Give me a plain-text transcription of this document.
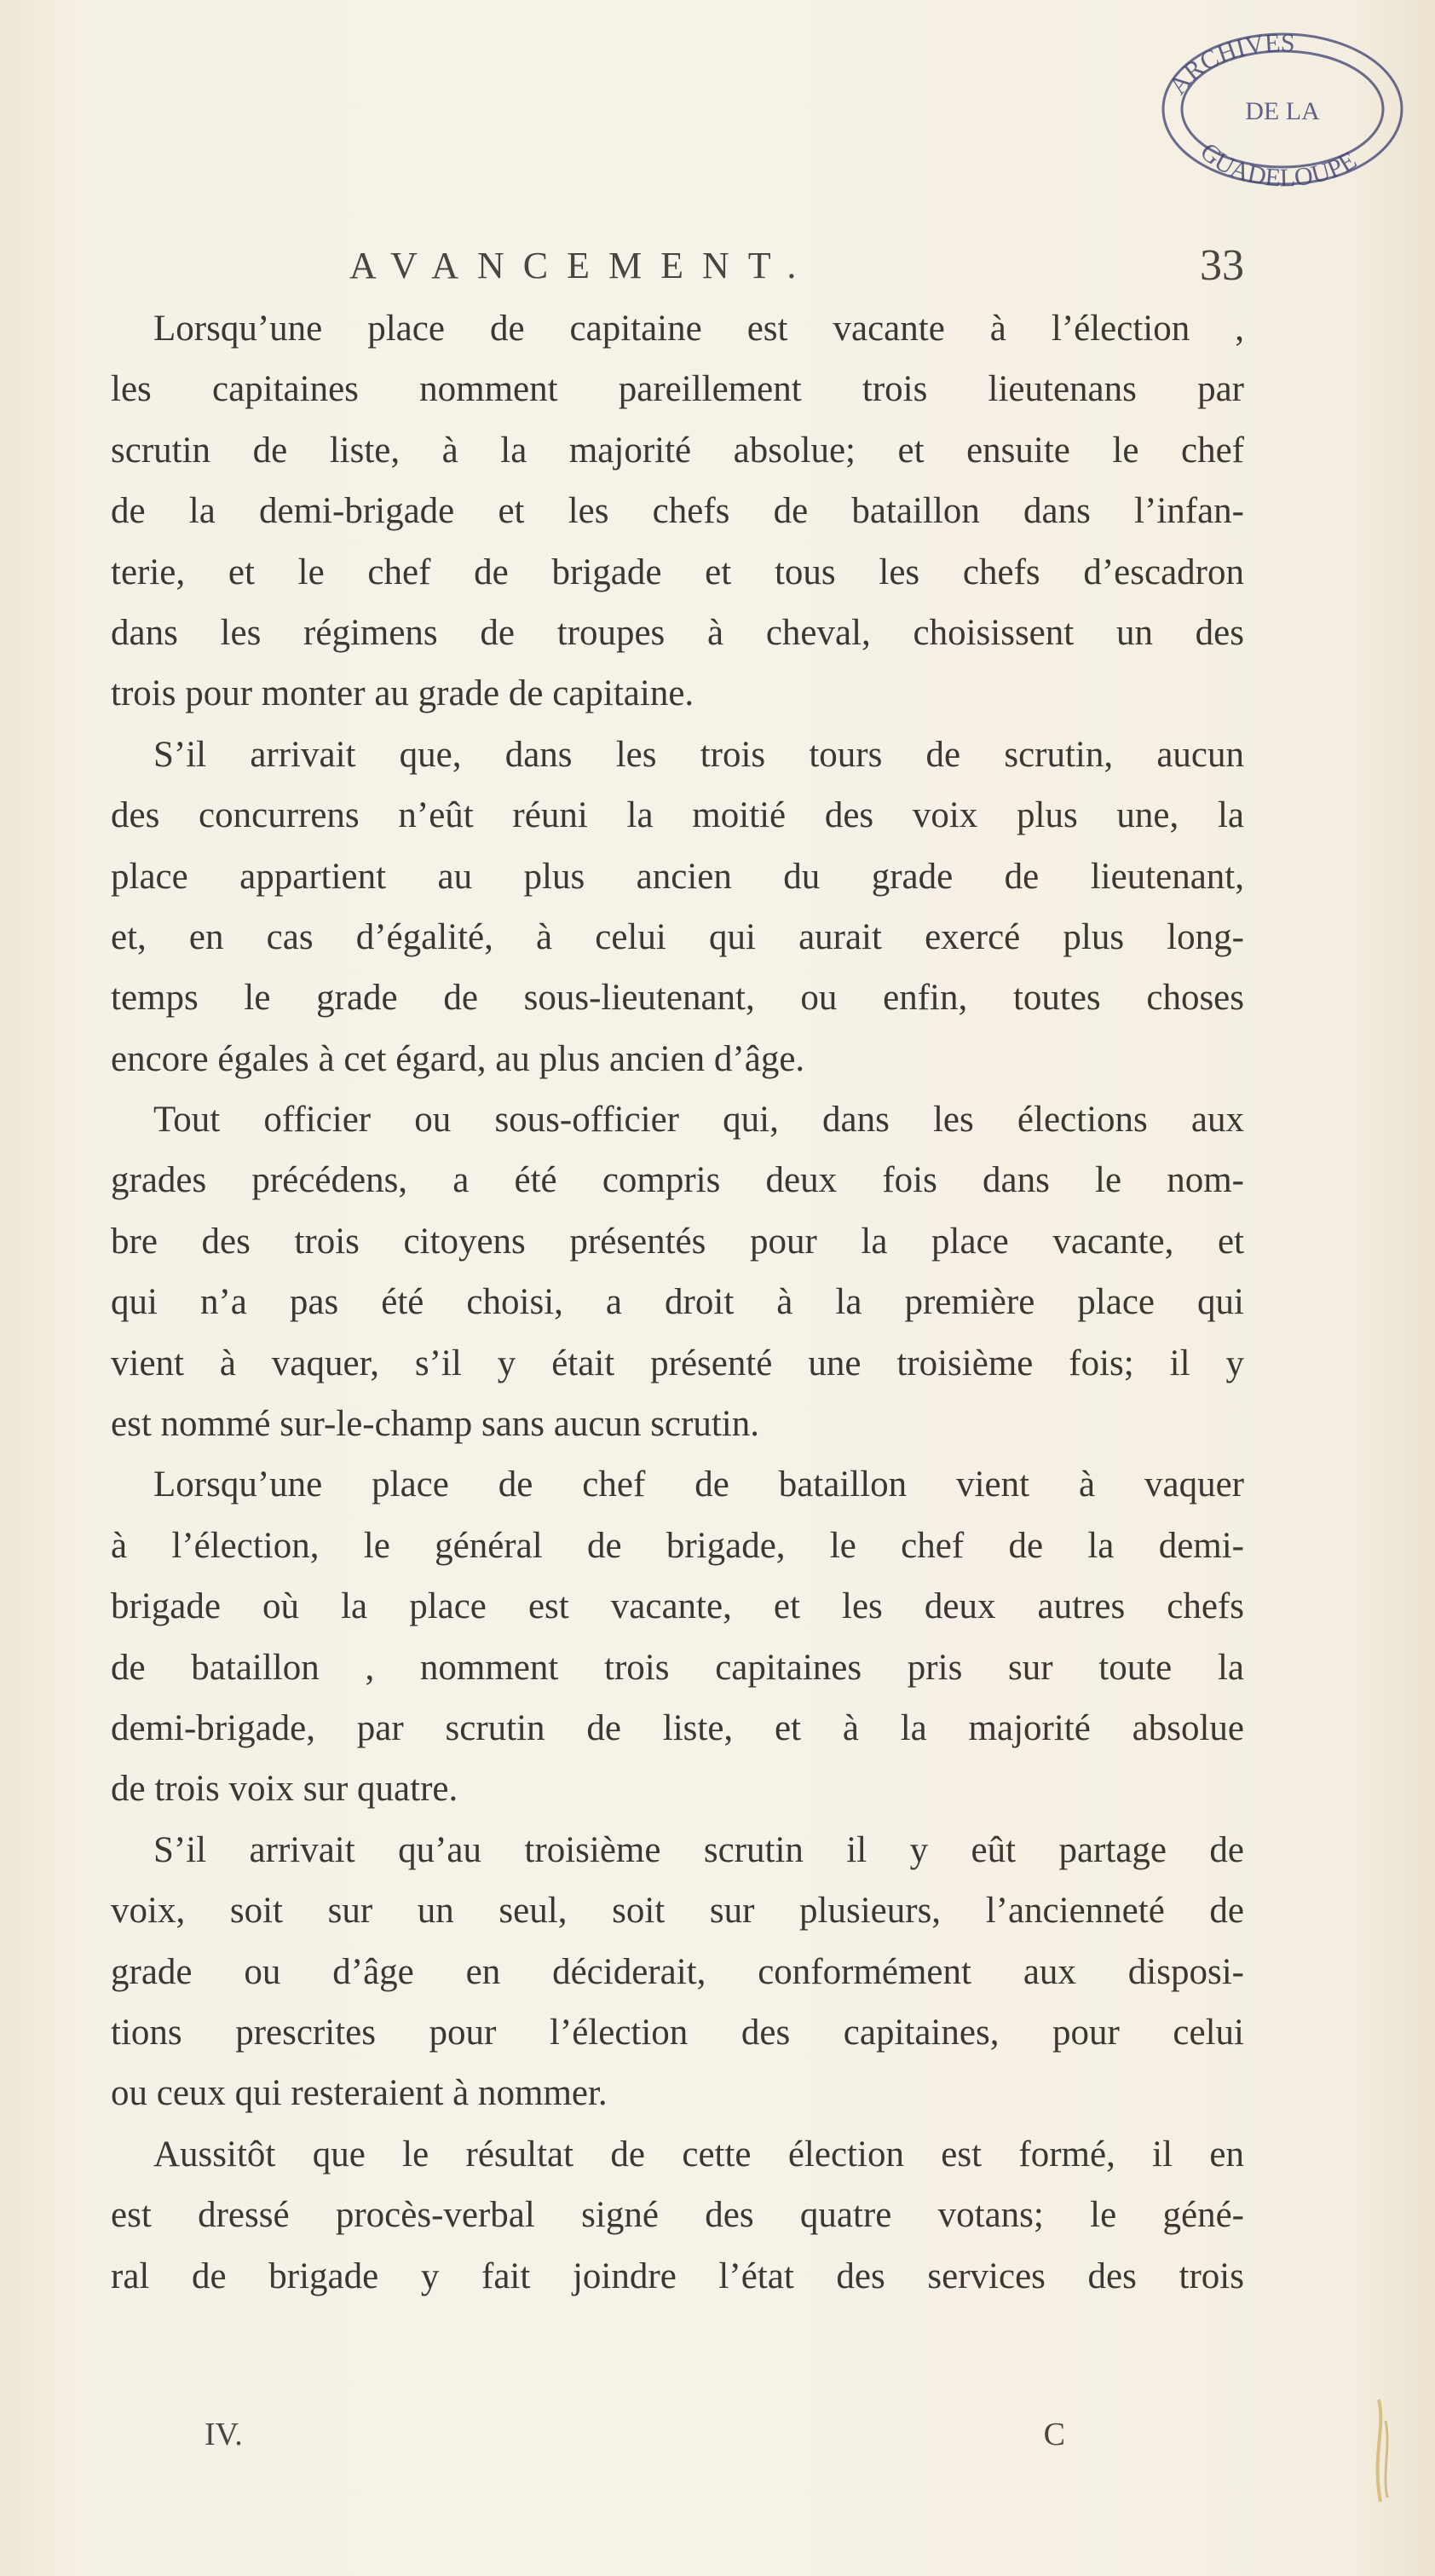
ARCHIVES
DE LA
GUADELOUPE
AVANCEMENT.	33
Lorsqu’une place de capitaine est vacante à l’élection ,
les capitaines nomment pareillement trois lieutenans par
scrutin de liste, à la majorité absolue; et ensuite le chef
de la demi-brigade et les chefs de bataillon dans l’infan-
terie, et le chef de brigade et tous les chefs d’escadron
dans les régimens de troupes à cheval, choisissent un des
trois pour monter au grade de capitaine.
S’il arrivait que, dans les trois tours de scrutin, aucun
des concurrens n’eût réuni la moitié des voix plus une, la
place appartient au plus ancien du grade de lieutenant,
et, en cas d’égalité, à celui qui aurait exercé plus long-
temps le grade de sous-lieutenant, ou enfin, toutes choses
encore égales à cet égard, au plus ancien d’âge.
Tout officier ou sous-officier qui, dans les élections aux
grades précédens, a été compris deux fois dans le nom-
bre des trois citoyens présentés pour la place vacante, et
qui n’a pas été choisi, a droit à la première place qui
vient à vaquer, s’il y était présenté une troisième fois; il y
est nommé sur-le-champ sans aucun scrutin.
Lorsqu’une place de chef de bataillon vient à vaquer
à l’élection, le général de brigade, le chef de la demi-
brigade où la place est vacante, et les deux autres chefs
de bataillon , nomment trois capitaines pris sur toute la
demi-brigade, par scrutin de liste, et à la majorité absolue
de trois voix sur quatre.
S’il arrivait qu’au troisième scrutin il y eût partage de
voix, soit sur un seul, soit sur plusieurs, l’ancienneté de
grade ou d’âge en déciderait, conformément aux disposi-
tions prescrites pour l’élection des capitaines, pour celui
ou ceux qui resteraient à nommer.
Aussitôt que le résultat de cette élection est formé, il en
est dressé procès-verbal signé des quatre votans; le géné-
ral de brigade y fait joindre l’état des services des trois
IV.	C
